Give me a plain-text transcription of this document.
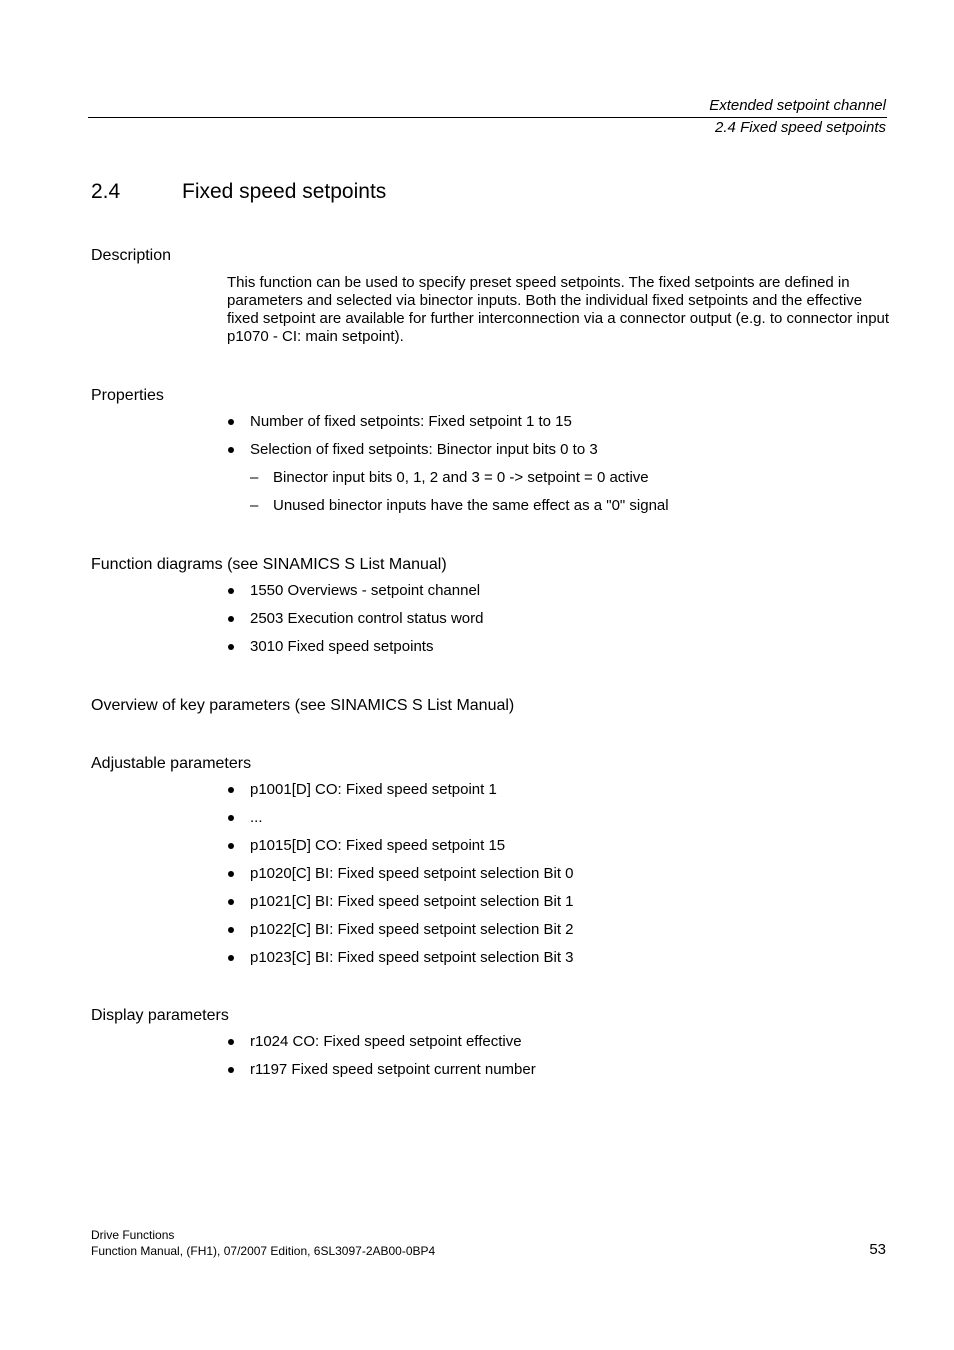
Extended setpoint channel
2.4 Fixed speed setpoints
2.4	Fixed speed setpoints
Description

This function can be used to specify preset speed setpoints. The fixed setpoints are defined in parameters and selected via binector inputs. Both the individual fixed setpoints and the effective fixed setpoint are available for further interconnection via a connector output (e.g. to connector input p1070 - CI: main setpoint).

Properties
Number of fixed setpoints: Fixed setpoint 1 to 15
Selection of fixed setpoints: Binector input bits 0 to 3
– Binector input bits 0, 1, 2 and 3 = 0 -> setpoint = 0 active
– Unused binector inputs have the same effect as a "0" signal
Function diagrams (see SINAMICS S List Manual)
1550 Overviews - setpoint channel
2503 Execution control status word
3010 Fixed speed setpoints
Overview of key parameters (see SINAMICS S List Manual)
Adjustable parameters
p1001[D] CO: Fixed speed setpoint 1
...
p1015[D] CO: Fixed speed setpoint 15
p1020[C] BI: Fixed speed setpoint selection Bit 0
p1021[C] BI: Fixed speed setpoint selection Bit 1
p1022[C] BI: Fixed speed setpoint selection Bit 2
p1023[C] BI: Fixed speed setpoint selection Bit 3
Display parameters
r1024 CO: Fixed speed setpoint effective
r1197 Fixed speed setpoint current number
Drive Functions
Function Manual, (FH1), 07/2007 Edition, 6SL3097-2AB00-0BP4	53
